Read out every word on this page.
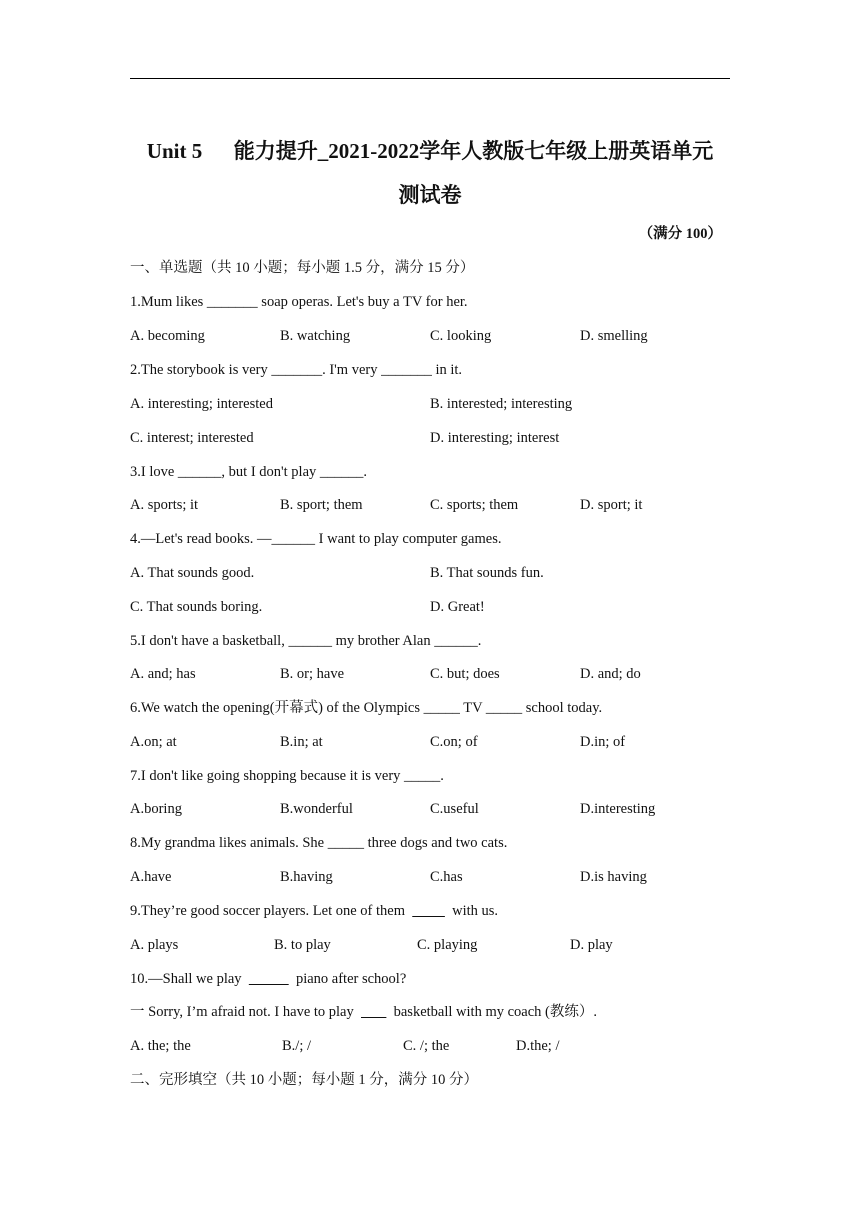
Unit 5      能力提升_2021-2022学年人教版七年级上册英语单元
测试卷
（满分 100）
一、单选题（共 10 小题；每小题 1.5 分，满分 15 分）
1.Mum likes _______ soap operas. Let's buy a TV for her.
A. becoming	B. watching	C. looking	D. smelling
2.The storybook is very _______. I'm very _______ in it.
A. interesting; interested	B. interested; interesting
C. interest; interested	D. interesting; interest
3.I love ______, but I don't play ______.
A. sports; it	B. sport; them	C. sports; them	D. sport; it
4.—Let's read books. —______ I want to play computer games.
A. That sounds good.	B. That sounds fun.
C. That sounds boring.	D. Great!
5.I don't have a basketball, ______ my brother Alan ______.
A. and; has	B. or; have	C. but; does	D. and; do
6.We watch the opening(开幕式) of the Olympics _____ TV _____ school today.
A.on; at	B.in; at	C.on; of	D.in; of
7.I don't like going shopping because it is very _____.
A.boring	B.wonderful	C.useful	D.interesting
8.My grandma likes animals. She _____ three dogs and two cats.
A.have	B.having	C.has	D.is having
9.They’re good soccer players. Let one of them             with us.
A. plays	B. to play	C. playing	D. play
10.—Shall we play	piano after school?
一 Sorry, I’m afraid not. I have to play           basketball with my coach (教练）.
A. the; the	B./; /	C. /; the	D.the; /
二、完形填空（共 10 小题；每小题 1 分，满分 10 分）
